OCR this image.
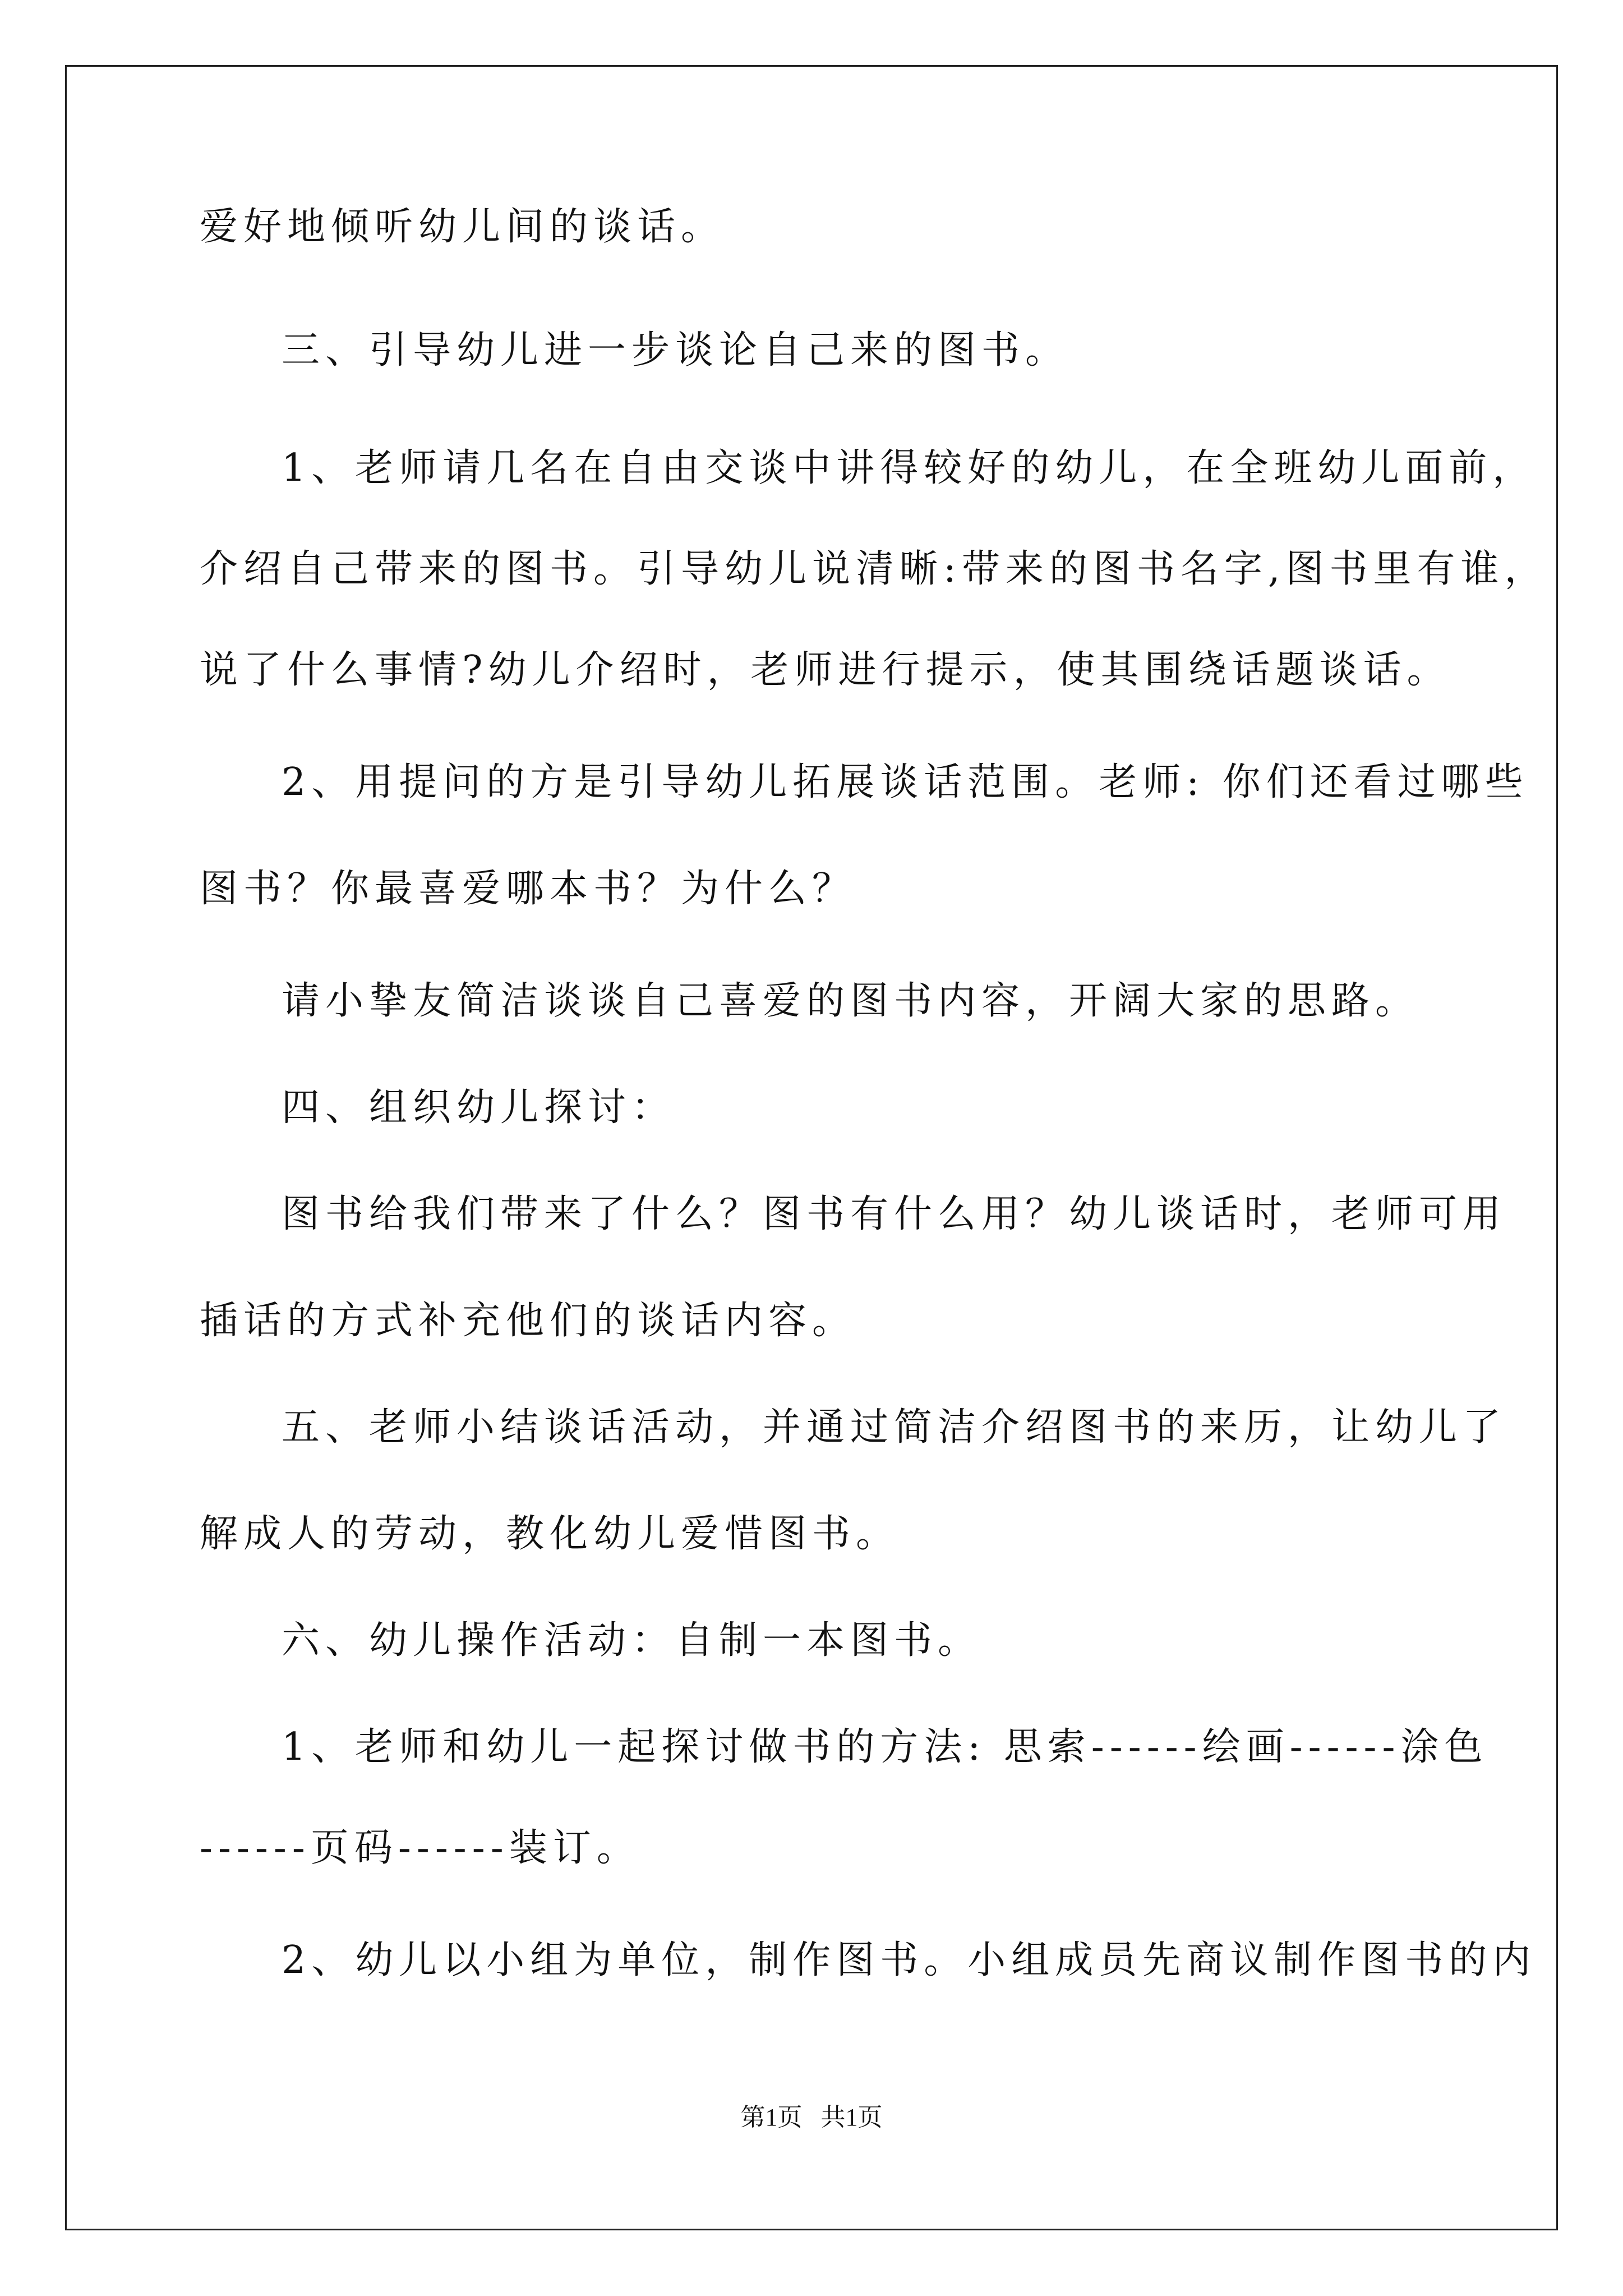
爱好地倾听幼儿间的谈话。
三、引导幼儿进一步谈论自己来的图书。
1、老师请几名在自由交谈中讲得较好的幼儿，在全班幼儿面前，
介绍自己带来的图书。引导幼儿说清晰:带来的图书名字,图书里有谁，
说了什么事情?幼儿介绍时，老师进行提示，使其围绕话题谈话。
2、用提问的方是引导幼儿拓展谈话范围。老师: 你们还看过哪些
图书？你最喜爱哪本书？为什么？
请小挚友简洁谈谈自己喜爱的图书内容，开阔大家的思路。
四、组织幼儿探讨：
图书给我们带来了什么？图书有什么用？幼儿谈话时，老师可用
插话的方式补充他们的谈话内容。
五、老师小结谈话活动，并通过简洁介绍图书的来历，让幼儿了
解成人的劳动，教化幼儿爱惜图书。
六、幼儿操作活动：自制一本图书。
1、老师和幼儿一起探讨做书的方法: 思索------绘画------涂色
------页码------装订。
2、幼儿以小组为单位，制作图书。小组成员先商议制作图书的内
第1页   共1页
